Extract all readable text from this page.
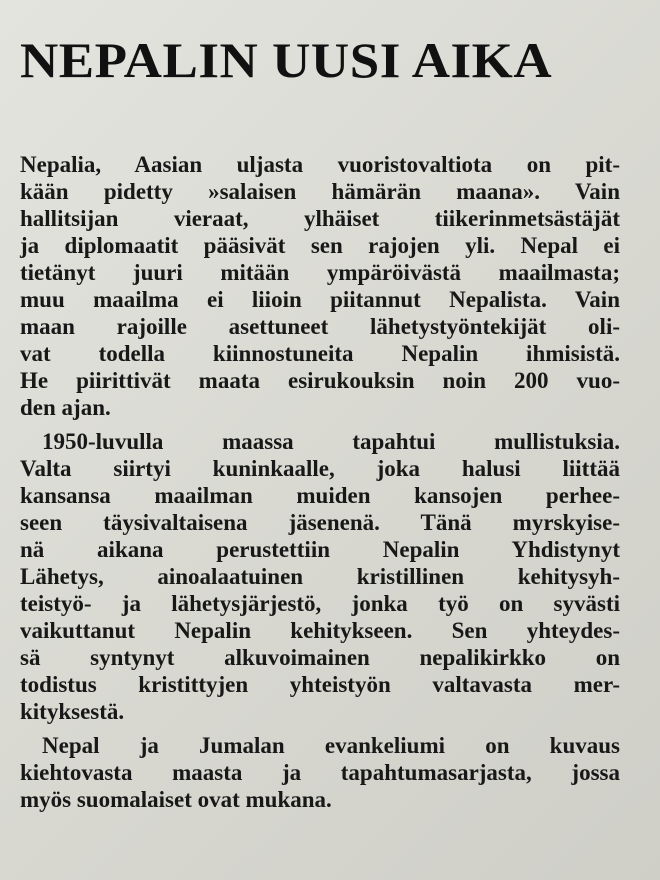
NEPALIN UUSI AIKA
Nepalia, Aasian uljasta vuoristovaltiota on pit-
kään pidetty »salaisen hämärän maana». Vain
hallitsijan vieraat, ylhäiset tiikerinmetsästäjät
ja diplomaatit pääsivät sen rajojen yli. Nepal ei
tietänyt juuri mitään ympäröivästä maailmasta;
muu maailma ei liioin piitannut Nepalista. Vain
maan rajoille asettuneet lähetystyöntekijät oli-
vat todella kiinnostuneita Nepalin ihmisistä.
He piirittivät maata esirukouksin noin 200 vuo-
den ajan.
1950-luvulla maassa tapahtui mullistuksia.
Valta siirtyi kuninkaalle, joka halusi liittää
kansansa maailman muiden kansojen perhee-
seen täysivaltaisena jäsenenä. Tänä myrskyise-
nä aikana perustettiin Nepalin Yhdistynyt
Lähetys, ainoalaatuinen kristillinen kehitysyh-
teistyö- ja lähetysjärjestö, jonka työ on syvästi
vaikuttanut Nepalin kehitykseen. Sen yhteydes-
sä syntynyt alkuvoimainen nepalikirkko on
todistus kristittyjen yhteistyön valtavasta mer-
kityksestä.
Nepal ja Jumalan evankeliumi on kuvaus
kiehtovasta maasta ja tapahtumasarjasta, jossa
myös suomalaiset ovat mukana.
